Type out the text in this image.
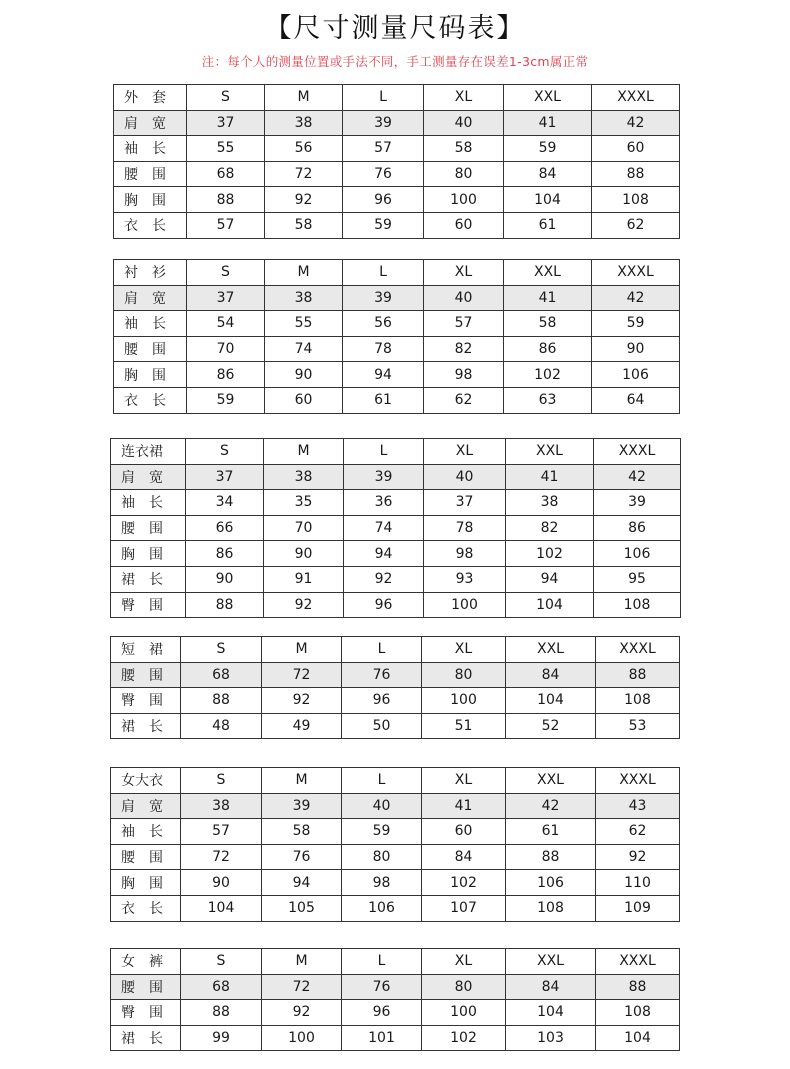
【尺寸测量尺码表】
注：每个人的测量位置或手法不同，手工测量存在误差1-3cm属正常
外　套	S	M	L	XL	XXL	XXXL
肩　宽	37	38	39	40	41	42
袖　长	55	56	57	58	59	60
腰　围	68	72	76	80	84	88
胸　围	88	92	96	100	104	108
衣　长	57	58	59	60	61	62
衬　衫	S	M	L	XL	XXL	XXXL
肩　宽	37	38	39	40	41	42
袖　长	54	55	56	57	58	59
腰　围	70	74	78	82	86	90
胸　围	86	90	94	98	102	106
衣　长	59	60	61	62	63	64
连衣裙	S	M	L	XL	XXL	XXXL
肩　宽	37	38	39	40	41	42
袖　长	34	35	36	37	38	39
腰　围	66	70	74	78	82	86
胸　围	86	90	94	98	102	106
裙　长	90	91	92	93	94	95
臀　围	88	92	96	100	104	108
短　裙	S	M	L	XL	XXL	XXXL
腰　围	68	72	76	80	84	88
臀　围	88	92	96	100	104	108
裙　长	48	49	50	51	52	53
女大衣	S	M	L	XL	XXL	XXXL
肩　宽	38	39	40	41	42	43
袖　长	57	58	59	60	61	62
腰　围	72	76	80	84	88	92
胸　围	90	94	98	102	106	110
衣　长	104	105	106	107	108	109
女　裤	S	M	L	XL	XXL	XXXL
腰　围	68	72	76	80	84	88
臀　围	88	92	96	100	104	108
裙　长	99	100	101	102	103	104
